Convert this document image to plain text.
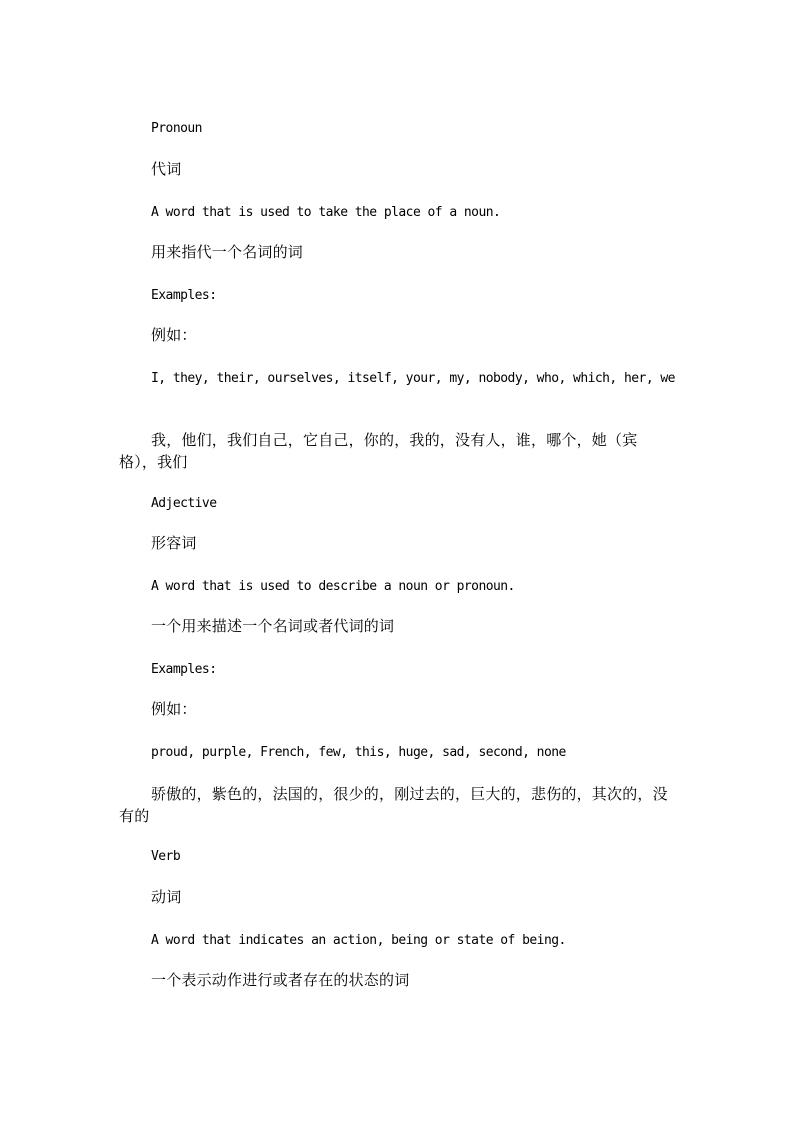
Pronoun

代词

A word that is used to take the place of a noun.

用来指代一个名词的词

Examples:

例如：

I, they, their, ourselves, itself, your, my, nobody, who, which, her, we

我，他们，我们自己，它自己，你的，我的，没有人，谁，哪个，她（宾格），我们

Adjective

形容词

A word that is used to describe a noun or pronoun.

一个用来描述一个名词或者代词的词

Examples:

例如：

proud, purple, French, few, this, huge, sad, second, none

骄傲的，紫色的，法国的，很少的，刚过去的，巨大的，悲伤的，其次的，没有的

Verb

动词

A word that indicates an action, being or state of being.

一个表示动作进行或者存在的状态的词
